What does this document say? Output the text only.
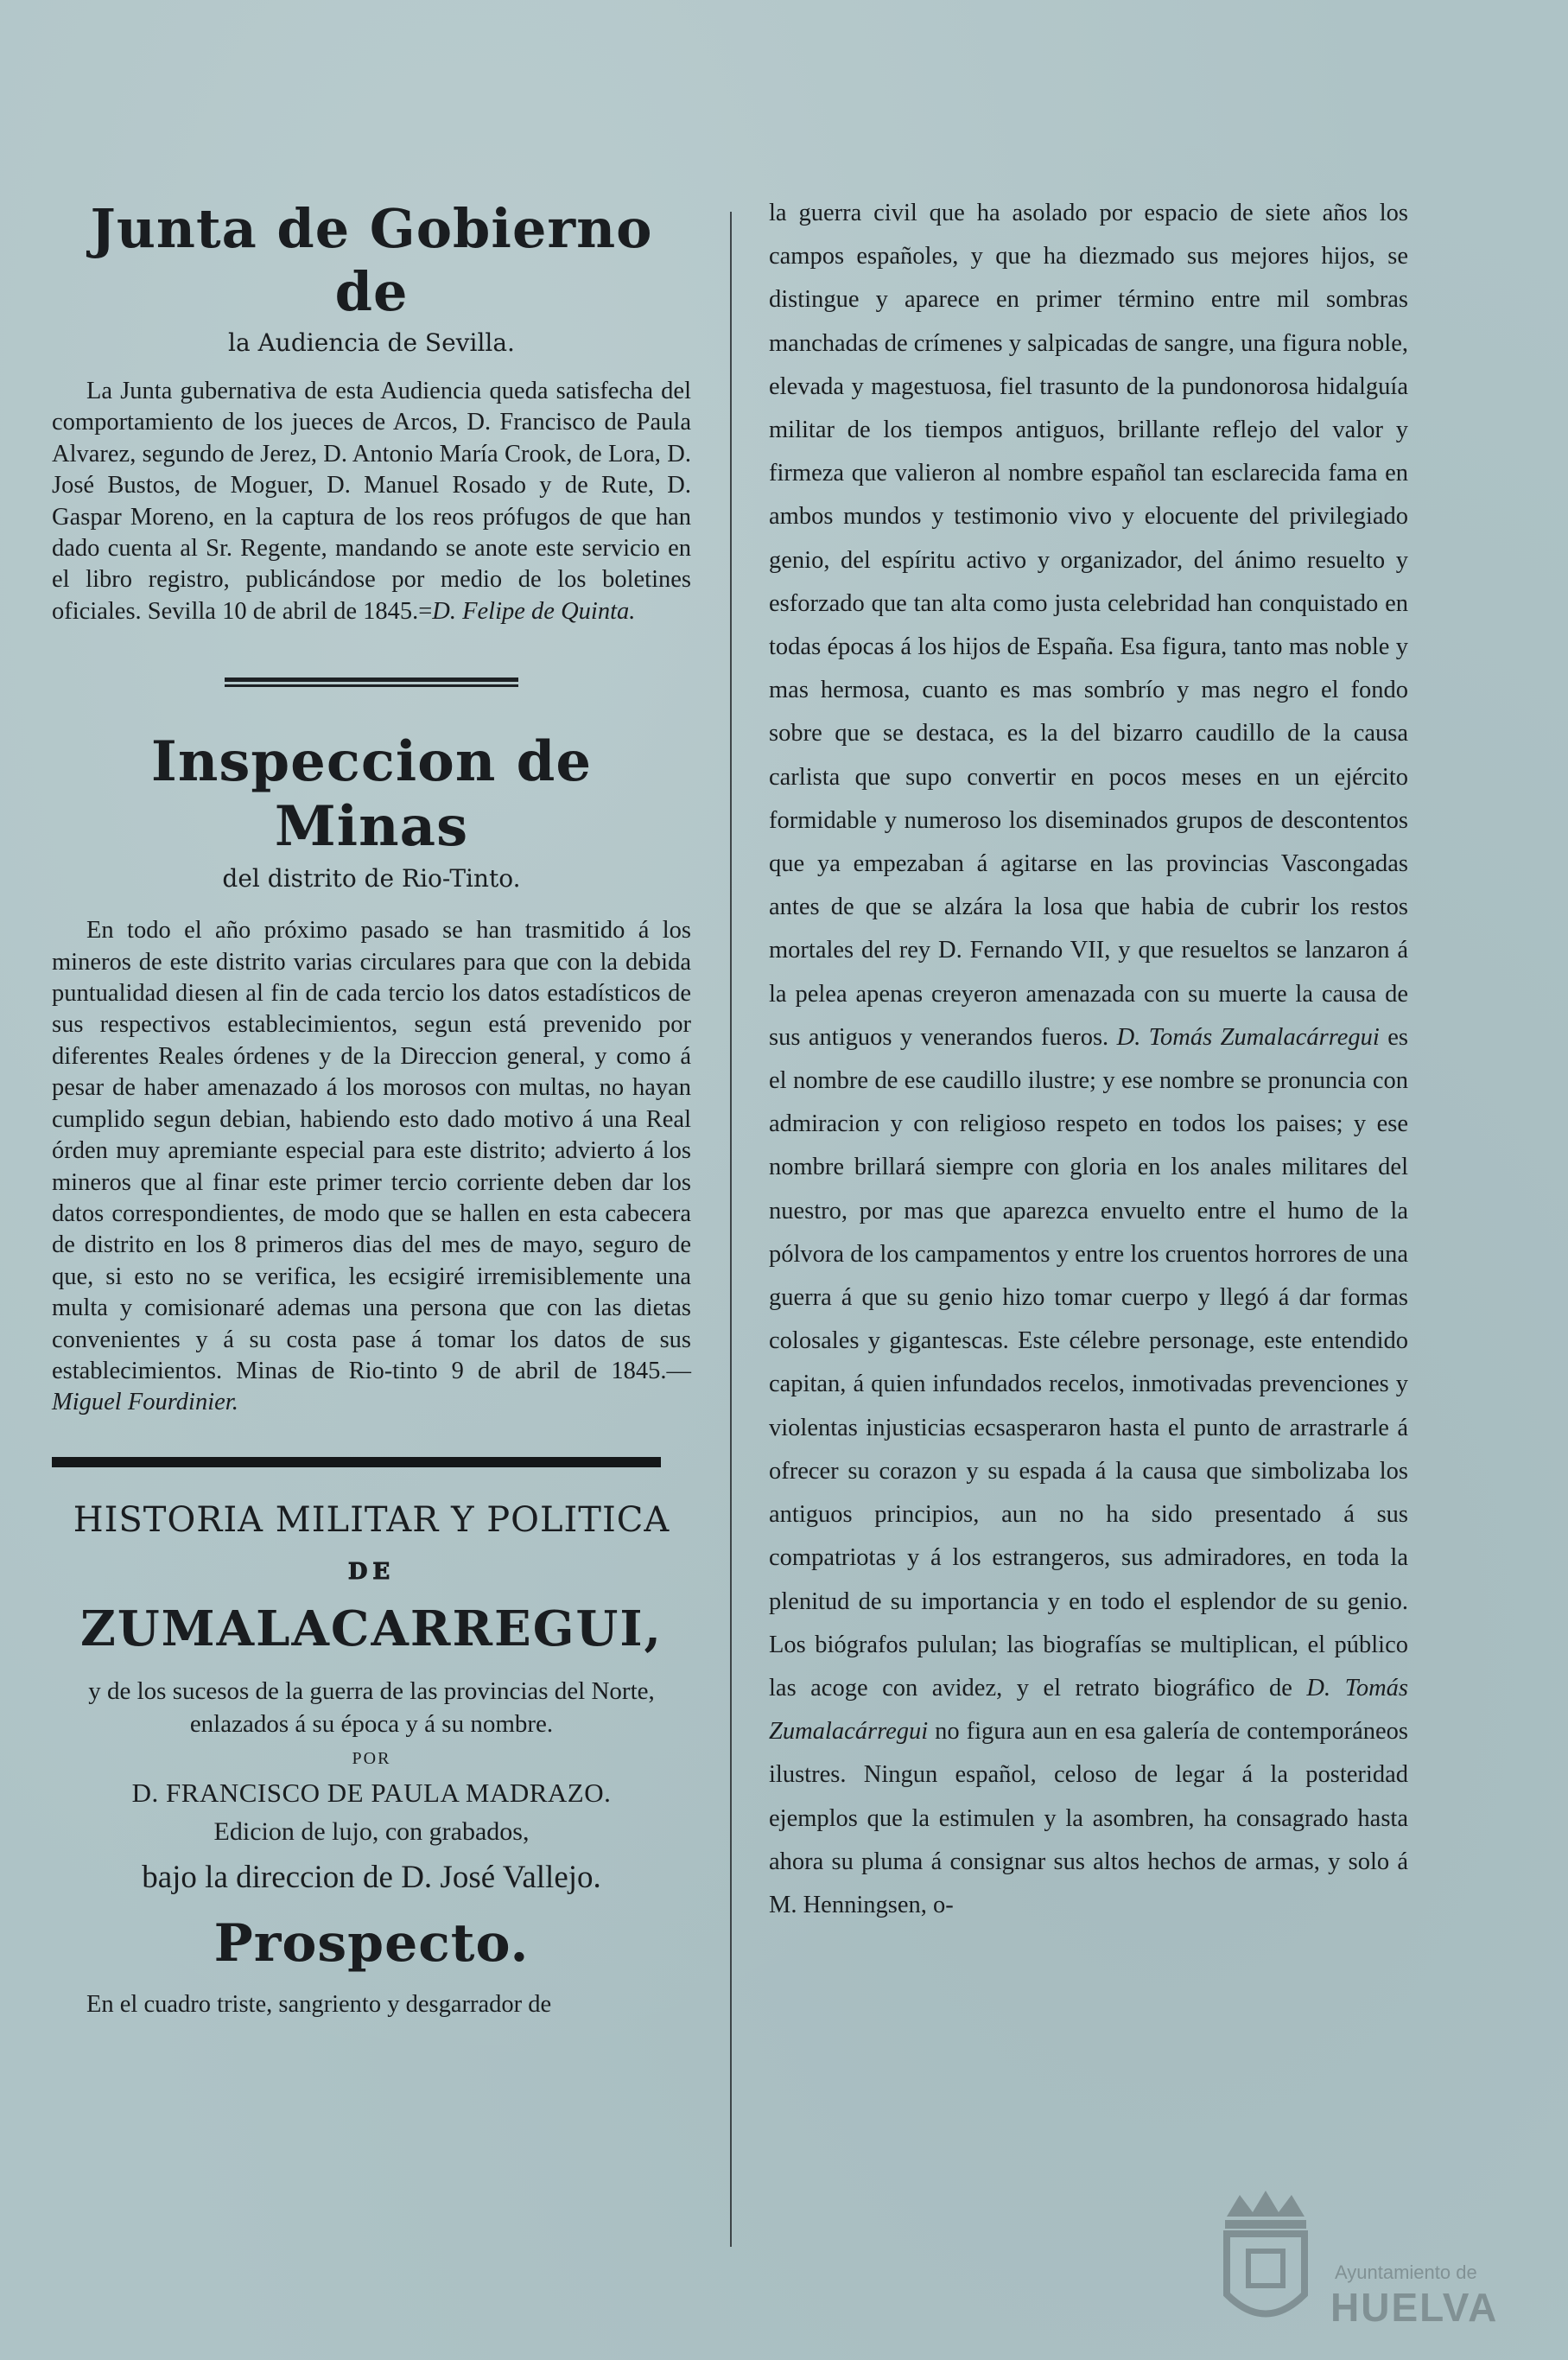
Junta de Gobierno de
la Audiencia de Sevilla.

La Junta gubernativa de esta Audiencia queda satisfecha del comportamiento de los jueces de Arcos, D. Francisco de Paula Alvarez, segundo de Jerez, D. Antonio María Crook, de Lora, D. José Bustos, de Moguer, D. Manuel Rosado y de Rute, D. Gaspar Moreno, en la captura de los reos prófugos de que han dado cuenta al Sr. Regente, mandando se anote este servicio en el libro registro, publicándose por medio de los boletines oficiales. Sevilla 10 de abril de 1845.=D. Felipe de Quinta.

Inspeccion de Minas
del distrito de Rio-Tinto.

En todo el año próximo pasado se han trasmitido á los mineros de este distrito varias circulares para que con la debida puntualidad diesen al fin de cada tercio los datos estadísticos de sus respectivos establecimientos, segun está prevenido por diferentes Reales órdenes y de la Direccion general, y como á pesar de haber amenazado á los morosos con multas, no hayan cumplido segun debian, habiendo esto dado motivo á una Real órden muy apremiante especial para este distrito; advierto á los mineros que al finar este primer tercio corriente deben dar los datos correspondientes, de modo que se hallen en esta cabecera de distrito en los 8 primeros dias del mes de mayo, seguro de que, si esto no se verifica, les ecsigiré irremisiblemente una multa y comisionaré ademas una persona que con las dietas convenientes y á su costa pase á tomar los datos de sus establecimientos. Minas de Rio-tinto 9 de abril de 1845.—Miguel Fourdinier.

HISTORIA MILITAR Y POLITICA
DE
ZUMALACARREGUI,

y de los sucesos de la guerra de las provincias del Norte, enlazados á su época y á su nombre.

POR
D. FRANCISCO DE PAULA MADRAZO.
Edicion de lujo, con grabados,
bajo la direccion de D. José Vallejo.
Prospecto.

En el cuadro triste, sangriento y desgarrador de

la guerra civil que ha asolado por espacio de siete años los campos españoles, y que ha diezmado sus mejores hijos, se distingue y aparece en primer término entre mil sombras manchadas de crímenes y salpicadas de sangre, una figura noble, elevada y magestuosa, fiel trasunto de la pundonorosa hidalguía militar de los tiempos antiguos, brillante reflejo del valor y firmeza que valieron al nombre español tan esclarecida fama en ambos mundos y testimonio vivo y elocuente del privilegiado genio, del espíritu activo y organizador, del ánimo resuelto y esforzado que tan alta como justa celebridad han conquistado en todas épocas á los hijos de España. Esa figura, tanto mas noble y mas hermosa, cuanto es mas sombrío y mas negro el fondo sobre que se destaca, es la del bizarro caudillo de la causa carlista que supo convertir en pocos meses en un ejército formidable y numeroso los diseminados grupos de descontentos que ya empezaban á agitarse en las provincias Vascongadas antes de que se alzára la losa que habia de cubrir los restos mortales del rey D. Fernando VII, y que resueltos se lanzaron á la pelea apenas creyeron amenazada con su muerte la causa de sus antiguos y venerandos fueros. D. Tomás Zumalacárregui es el nombre de ese caudillo ilustre; y ese nombre se pronuncia con admiracion y con religioso respeto en todos los paises; y ese nombre brillará siempre con gloria en los anales militares del nuestro, por mas que aparezca envuelto entre el humo de la pólvora de los campamentos y entre los cruentos horrores de una guerra á que su genio hizo tomar cuerpo y llegó á dar formas colosales y gigantescas. Este célebre personage, este entendido capitan, á quien infundados recelos, inmotivadas prevenciones y violentas injusticias ecsasperaron hasta el punto de arrastrarle á ofrecer su corazon y su espada á la causa que simbolizaba los antiguos principios, aun no ha sido presentado á sus compatriotas y á los estrangeros, sus admiradores, en toda la plenitud de su importancia y en todo el esplendor de su genio. Los biógrafos pululan; las biografías se multiplican, el público las acoge con avidez, y el retrato biográfico de D. Tomás Zumalacárregui no figura aun en esa galería de contemporáneos ilustres. Ningun español, celoso de legar á la posteridad ejemplos que la estimulen y la asombren, ha consagrado hasta ahora su pluma á consignar sus altos hechos de armas, y solo á M. Henningsen, o-

Ayuntamiento de
HUELVA
